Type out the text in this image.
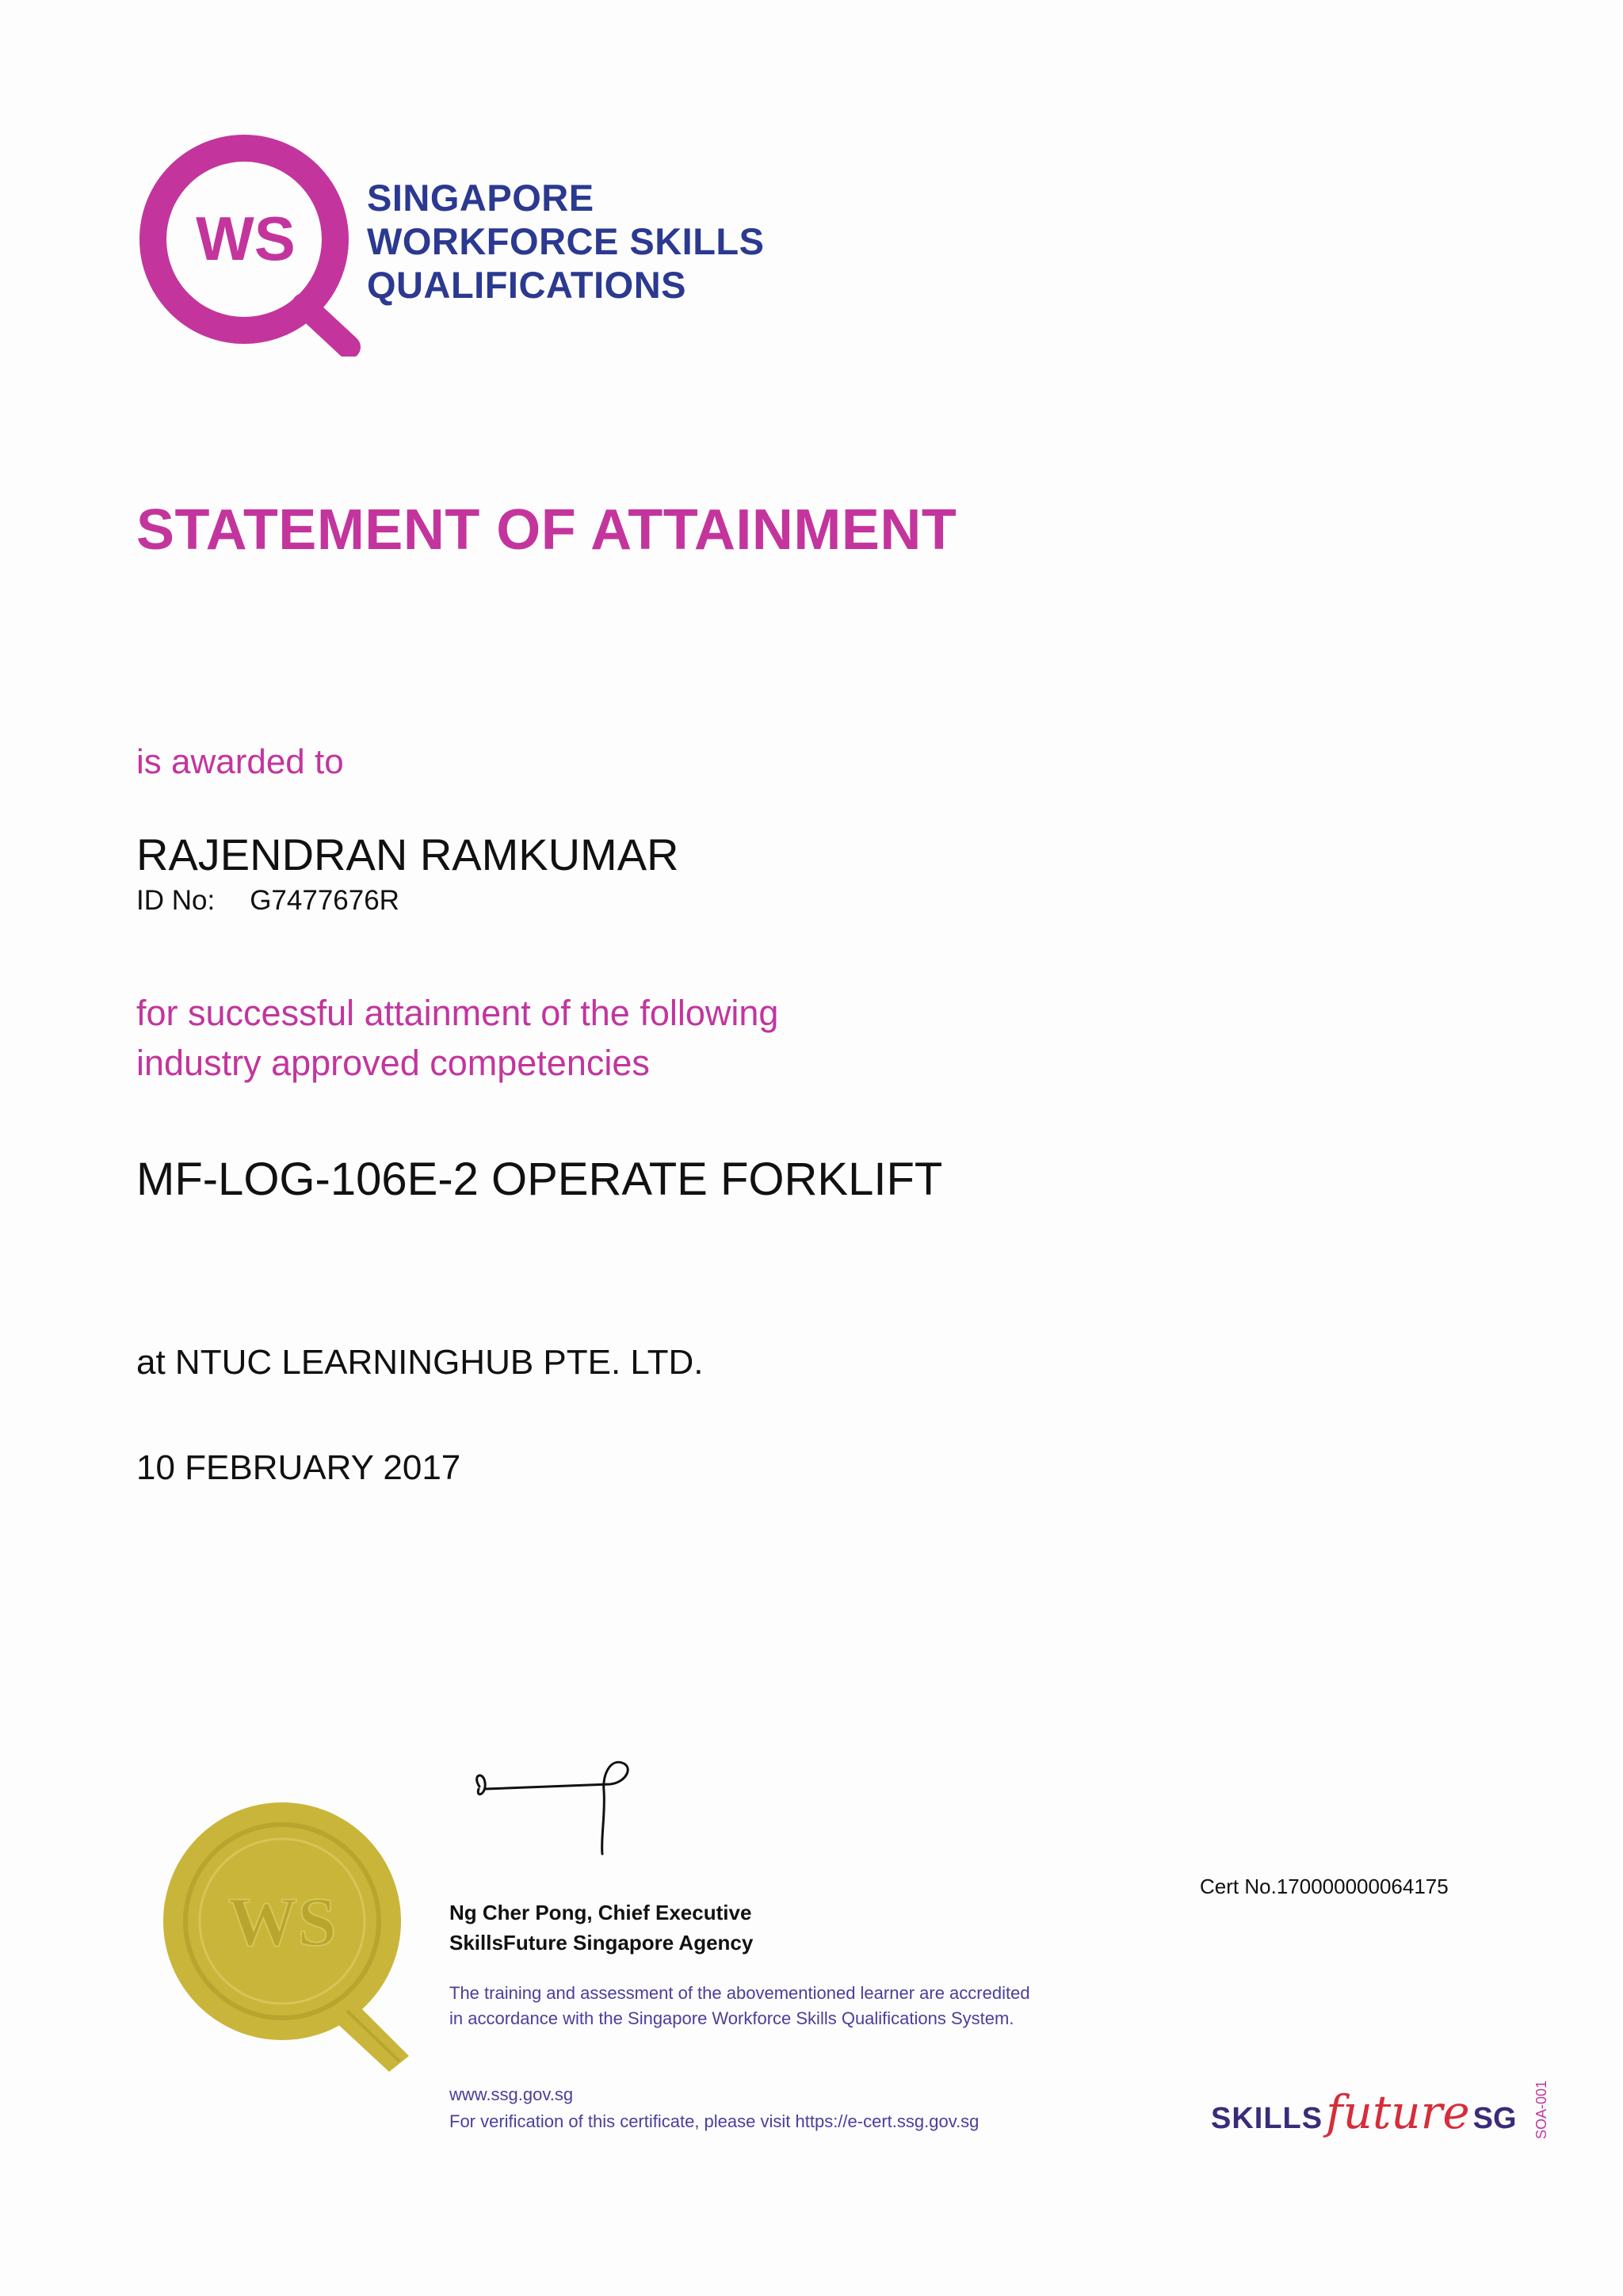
WS
SINGAPORE
WORKFORCE SKILLS
QUALIFICATIONS
STATEMENT OF ATTAINMENT
is awarded to
RAJENDRAN RAMKUMAR
ID No: G7477676R
for successful attainment of the following
industry approved competencies
MF-LOG-106E-2 OPERATE FORKLIFT
at NTUC LEARNINGHUB PTE. LTD.
10 FEBRUARY 2017
WS	Ng Cher Pong, Chief Executive
SkillsFuture Singapore Agency
The training and assessment of the abovementioned learner are accredited
in accordance with the Singapore Workforce Skills Qualifications System.
www.ssg.gov.sg
For verification of this certificate, please visit https://e-cert.ssg.gov.sg
Cert No.170000000064175
SKILLSfuture SG SOA-001
